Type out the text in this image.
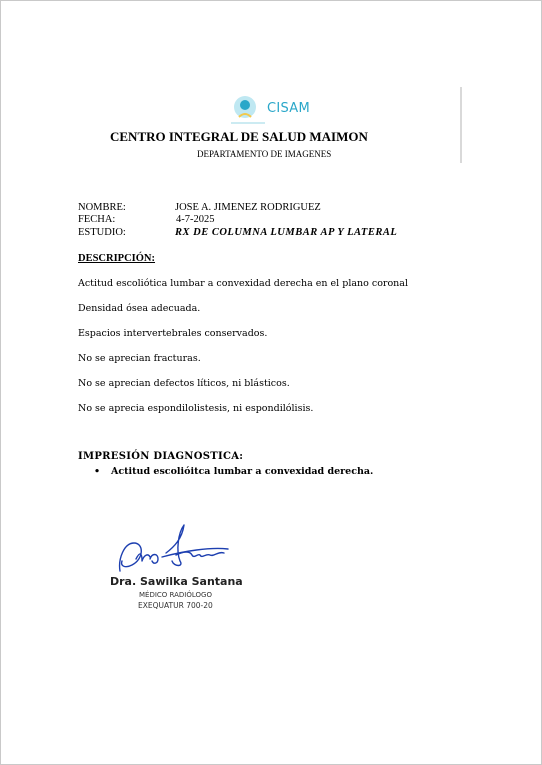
CISAM
CENTRO INTEGRAL DE SALUD MAIMON
DEPARTAMENTO DE IMAGENES
NOMBRE:	JOSE A. JIMENEZ RODRIGUEZ
FECHA:	4-7-2025
ESTUDIO:	RX DE COLUMNA LUMBAR AP Y LATERAL
DESCRIPCIÓN:
Actitud escoliótica lumbar a convexidad derecha en el plano coronal
Densidad ósea adecuada.
Espacios intervertebrales conservados.
No se aprecian fracturas.
No se aprecian defectos líticos, ni blásticos.
No se aprecia espondilolistesis, ni espondilólisis.
IMPRESIÓN DIAGNOSTICA:
• Actitud escolióitca lumbar a convexidad derecha.
Dra. Sawilka Santana
MÉDICO RADIÓLOGO
EXEQUATUR 700-20
